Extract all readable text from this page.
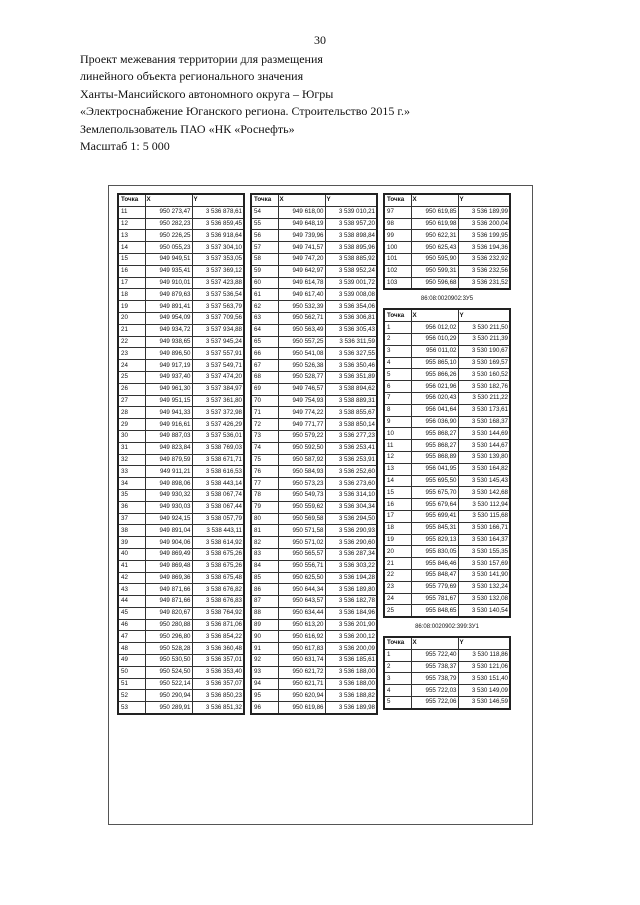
30
Проект межевания территории для размещения
линейного объекта регионального значения
Ханты-Мансийского автономного округа – Югры
«Электроснабжение Юганского региона. Строительство 2015 г.»
Землепользователь ПАО «НК «Роснефть»
Масштаб 1: 5 000
Точка	X	Y
11	950 273,47	3 536 878,61
12	950 282,23	3 536 859,45
13	950 226,25	3 536 918,64
14	950 055,23	3 537 304,10
15	949 949,51	3 537 353,05
16	949 935,41	3 537 369,12
17	949 910,01	3 537 423,88
18	949 879,63	3 537 536,54
19	949 891,41	3 537 563,79
20	949 954,09	3 537 709,56
21	949 934,72	3 537 934,88
22	949 938,65	3 537 945,24
23	949 896,50	3 537 557,91
24	949 917,19	3 537 549,71
25	949 937,40	3 537 474,20
26	949 961,30	3 537 384,97
27	949 951,15	3 537 361,80
28	949 941,33	3 537 372,98
29	949 916,61	3 537 426,29
30	949 887,03	3 537 536,01
31	949 823,84	3 538 769,03
32	949 879,59	3 538 671,71
33	949 911,21	3 538 616,53
34	949 898,06	3 538 443,14
35	949 930,32	3 538 067,74
36	949 930,03	3 538 067,44
37	949 924,15	3 538 057,79
38	949 891,04	3 538 443,11
39	949 904,06	3 538 614,92
40	949 869,49	3 538 675,26
41	949 869,48	3 538 675,26
42	949 869,36	3 538 675,48
43	949 871,66	3 538 676,82
44	949 871,66	3 538 676,83
45	949 820,67	3 538 764,92
46	950 280,88	3 536 871,06
47	950 296,80	3 536 854,22
48	950 528,28	3 536 360,48
49	950 530,50	3 536 357,01
50	950 524,50	3 536 353,40
51	950 522,14	3 536 357,07
52	950 290,94	3 536 850,23
53	950 289,91	3 536 851,32
Точка	X	Y
54	949 618,00	3 539 010,21
55	949 648,19	3 538 957,20
56	949 739,96	3 538 898,84
57	949 741,57	3 538 895,96
58	949 747,20	3 538 885,92
59	949 642,97	3 538 952,24
60	949 614,78	3 539 001,72
61	949 617,40	3 539 008,08
62	950 532,39	3 536 354,06
63	950 562,71	3 536 306,81
64	950 563,49	3 536 305,43
65	950 557,25	3 536 311,59
66	950 541,08	3 536 327,55
67	950 526,38	3 536 350,46
68	950 528,77	3 536 351,89
69	949 746,57	3 538 894,62
70	949 754,93	3 538 889,31
71	949 774,22	3 538 855,67
72	949 771,77	3 538 850,14
73	950 579,22	3 536 277,23
74	950 592,50	3 536 253,41
75	950 587,92	3 536 253,91
76	950 584,93	3 536 252,60
77	950 573,23	3 536 273,60
78	950 549,73	3 536 314,10
79	950 559,62	3 536 304,34
80	950 569,58	3 536 294,50
81	950 571,58	3 536 290,93
82	950 571,02	3 536 290,60
83	950 565,57	3 536 287,34
84	950 556,71	3 536 303,22
85	950 625,50	3 536 194,28
86	950 644,34	3 536 189,80
87	950 643,57	3 536 182,78
88	950 634,44	3 536 184,96
89	950 613,20	3 536 201,90
90	950 616,92	3 536 200,12
91	950 617,83	3 536 200,09
92	950 631,74	3 536 185,61
93	950 621,72	3 536 188,00
94	950 621,71	3 536 188,00
95	950 620,94	3 536 188,82
96	950 619,86	3 536 189,98
Точка	X	Y
97	950 619,85	3 536 189,99
98	950 619,98	3 536 200,04
99	950 622,31	3 536 199,95
100	950 625,43	3 536 194,36
101	950 595,90	3 536 232,92
102	950 599,31	3 536 232,56
103	950 596,68	3 536 231,52
86:08:0020902:3У5
Точка	X	Y
1	956 012,02	3 530 211,50
2	956 010,29	3 530 211,39
3	956 011,02	3 530 190,67
4	955 865,10	3 530 169,57
5	955 866,26	3 530 160,52
6	956 021,96	3 530 182,76
7	956 020,43	3 530 211,22
8	956 041,64	3 530 173,61
9	956 036,90	3 530 168,37
10	955 868,27	3 530 144,69
11	955 868,27	3 530 144,67
12	955 868,89	3 530 139,80
13	956 041,95	3 530 164,82
14	955 695,50	3 530 145,43
15	955 675,70	3 530 142,68
16	955 679,64	3 530 112,94
17	955 699,41	3 530 115,68
18	955 845,31	3 530 166,71
19	955 829,13	3 530 164,37
20	955 830,05	3 530 155,35
21	955 846,46	3 530 157,69
22	955 848,47	3 530 141,90
23	955 779,69	3 530 132,24
24	955 781,67	3 530 132,08
25	955 848,65	3 530 140,54
86:08:0020902:399:3У1
Точка	X	Y
1	955 722,40	3 530 118,86
2	955 738,37	3 530 121,06
3	955 738,79	3 530 151,40
4	955 722,03	3 530 149,09
5	955 722,06	3 530 146,59
